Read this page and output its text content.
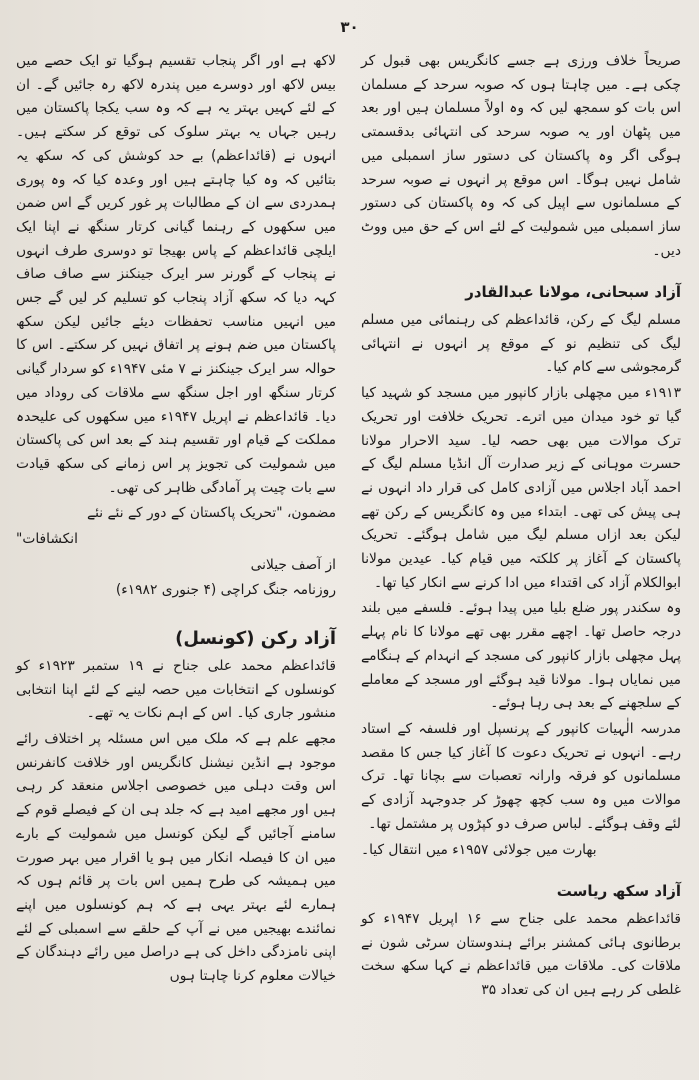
۳۰

صریحاً خلاف ورزی ہے جسے کانگریس بھی قبول کر چکی ہے۔ میں چاہتا ہوں کہ صوبہ سرحد کے مسلمان اس بات کو سمجھ لیں کہ وہ اولاً مسلمان ہیں اور بعد میں پٹھان اور یہ صوبہ سرحد کی انتہائی بدقسمتی ہوگی اگر وہ پاکستان کی دستور ساز اسمبلی میں شامل نہیں ہوگا۔ اس موقع پر انہوں نے صوبہ سرحد کے مسلمانوں سے اپیل کی کہ وہ پاکستان کی دستور ساز اسمبلی میں شمولیت کے لئے اس کے حق میں ووٹ دیں۔

آزاد سبحانی، مولانا عبدالقادر

مسلم لیگ کے رکن، قائداعظم کی رہنمائی میں مسلم لیگ کی تنظیم نو کے موقع پر انہوں نے انتہائی گرمجوشی سے کام کیا۔

۱۹۱۳ء میں مچھلی بازار کانپور میں مسجد کو شہید کیا گیا تو خود میدان میں اترے۔ تحریک خلافت اور تحریک ترک موالات میں بھی حصہ لیا۔ سید الاحرار مولانا حسرت موہانی کے زیر صدارت آل انڈیا مسلم لیگ کے احمد آباد اجلاس میں آزادی کامل کی قرار داد انہوں نے ہی پیش کی تھی۔ ابتداء میں وہ کانگریس کے رکن تھے لیکن بعد ازاں مسلم لیگ میں شامل ہوگئے۔ تحریک پاکستان کے آغاز پر کلکتہ میں قیام کیا۔ عیدین مولانا ابوالکلام آزاد کی اقتداء میں ادا کرنے سے انکار کیا تھا۔

وہ سکندر پور ضلع بلیا میں پیدا ہوئے۔ فلسفے میں بلند درجہ حاصل تھا۔ اچھے مقرر بھی تھے مولانا کا نام پہلے پہل مچھلی بازار کانپور کی مسجد کے انہدام کے ہنگامے میں نمایاں ہوا۔ مولانا قید ہوگئے اور مسجد کے معاملے کے سلجھنے کے بعد ہی رہا ہوئے۔

مدرسہ الٰہیات کانپور کے پرنسپل اور فلسفہ کے استاد رہے۔ انہوں نے تحریک دعوت کا آغاز کیا جس کا مقصد مسلمانوں کو فرقہ وارانہ تعصبات سے بچانا تھا۔ ترک موالات میں وہ سب کچھ چھوڑ کر جدوجہد آزادی کے لئے وقف ہوگئے۔ لباس صرف دو کپڑوں پر مشتمل تھا۔

بھارت میں جولائی ۱۹۵۷ء میں انتقال کیا۔

آزاد سکھ ریاست

قائداعظم محمد علی جناح سے ۱۶ اپریل ۱۹۴۷ء کو برطانوی ہائی کمشنر برائے ہندوستان سرٹی شون نے ملاقات کی۔ ملاقات میں قائداعظم نے کہا سکھ سخت غلطی کر رہے ہیں ان کی تعداد ۳۵

لاکھ ہے اور اگر پنجاب تقسیم ہوگیا تو ایک حصے میں بیس لاکھ اور دوسرے میں پندرہ لاکھ رہ جائیں گے۔ ان کے لئے کہیں بہتر یہ ہے کہ وہ سب یکجا پاکستان میں رہیں جہاں یہ بہتر سلوک کی توقع کر سکتے ہیں۔ انہوں نے (قائداعظم) بے حد کوشش کی کہ سکھ یہ بتائیں کہ وہ کیا چاہتے ہیں اور وعدہ کیا کہ وہ پوری ہمدردی سے ان کے مطالبات پر غور کریں گے اس ضمن میں سکھوں کے رہنما گیانی کرتار سنگھ نے اپنا ایک ایلچی قائداعظم کے پاس بھیجا تو دوسری طرف انہوں نے پنجاب کے گورنر سر ایرک جینکنز سے صاف صاف کہہ دیا کہ سکھ آزاد پنجاب کو تسلیم کر لیں گے جس میں انہیں مناسب تحفظات دیئے جائیں لیکن سکھ پاکستان میں ضم ہونے پر اتفاق نہیں کر سکتے۔ اس کا حوالہ سر ایرک جینکنز نے ۷ مئی ۱۹۴۷ء کو سردار گیانی کرتار سنگھ اور اجل سنگھ سے ملاقات کی روداد میں دیا۔ قائداعظم نے اپریل ۱۹۴۷ء میں سکھوں کی علیحدہ مملکت کے قیام اور تقسیم ہند کے بعد اس کی پاکستان میں شمولیت کی تجویز پر اس زمانے کی سکھ قیادت سے بات چیت پر آمادگی ظاہر کی تھی۔

مضمون، "تحریک پاکستان کے دور کے نئے نئے

انکشافات"

از آصف جیلانی

روزنامہ جنگ کراچی (۴ جنوری ۱۹۸۲ء)

آزاد رکن (کونسل)

قائداعظم محمد علی جناح نے ۱۹ ستمبر ۱۹۲۳ء کو کونسلوں کے انتخابات میں حصہ لینے کے لئے اپنا انتخابی منشور جاری کیا۔ اس کے اہم نکات یہ تھے۔

مجھے علم ہے کہ ملک میں اس مسئلہ پر اختلاف رائے موجود ہے انڈین نیشنل کانگریس اور خلافت کانفرنس اس وقت دہلی میں خصوصی اجلاس منعقد کر رہی ہیں اور مجھے امید ہے کہ جلد ہی ان کے فیصلے قوم کے سامنے آجائیں گے لیکن کونسل میں شمولیت کے بارے میں ان کا فیصلہ انکار میں ہو یا اقرار میں بہر صورت میں ہمیشہ کی طرح ہمیں اس بات پر قائم ہوں کہ ہمارے لئے بہتر یہی ہے کہ ہم کونسلوں میں اپنے نمائندے بھیجیں میں نے آپ کے حلقے سے اسمبلی کے لئے اپنی نامزدگی داخل کی ہے دراصل میں رائے دہندگان کے خیالات معلوم کرنا چاہتا ہوں
